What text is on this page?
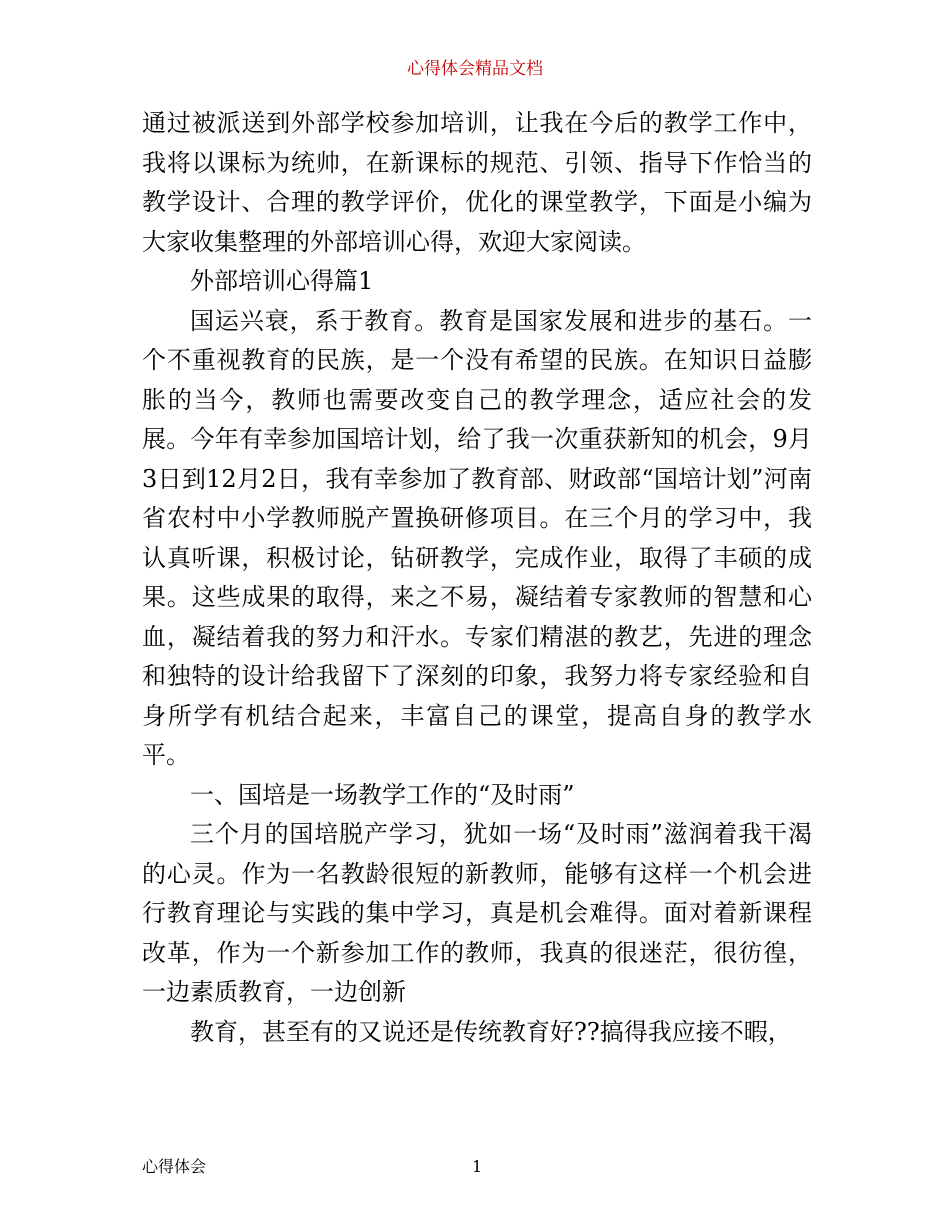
心得体会精品文档

通过被派送到外部学校参加培训，让我在今后的教学工作中，我将以课标为统帅，在新课标的规范、引领、指导下作恰当的教学设计、合理的教学评价，优化的课堂教学，下面是小编为大家收集整理的外部培训心得，欢迎大家阅读。

外部培训心得篇1

国运兴衰，系于教育。教育是国家发展和进步的基石。一个不重视教育的民族，是一个没有希望的民族。在知识日益膨胀的当今，教师也需要改变自己的教学理念，适应社会的发展。今年有幸参加国培计划，给了我一次重获新知的机会，9月3日到12月2日，我有幸参加了教育部、财政部“国培计划”河南省农村中小学教师脱产置换研修项目。在三个月的学习中，我认真听课，积极讨论，钻研教学，完成作业，取得了丰硕的成果。这些成果的取得，来之不易，凝结着专家教师的智慧和心血，凝结着我的努力和汗水。专家们精湛的教艺，先进的理念和独特的设计给我留下了深刻的印象，我努力将专家经验和自身所学有机结合起来，丰富自己的课堂，提高自身的教学水平。

一、国培是一场教学工作的“及时雨”

三个月的国培脱产学习，犹如一场“及时雨”滋润着我干渴的心灵。作为一名教龄很短的新教师，能够有这样一个机会进行教育理论与实践的集中学习，真是机会难得。面对着新课程改革，作为一个新参加工作的教师，我真的很迷茫，很彷徨，一边素质教育，一边创新

教育，甚至有的又说还是传统教育好??搞得我应接不暇，

心得体会	1
